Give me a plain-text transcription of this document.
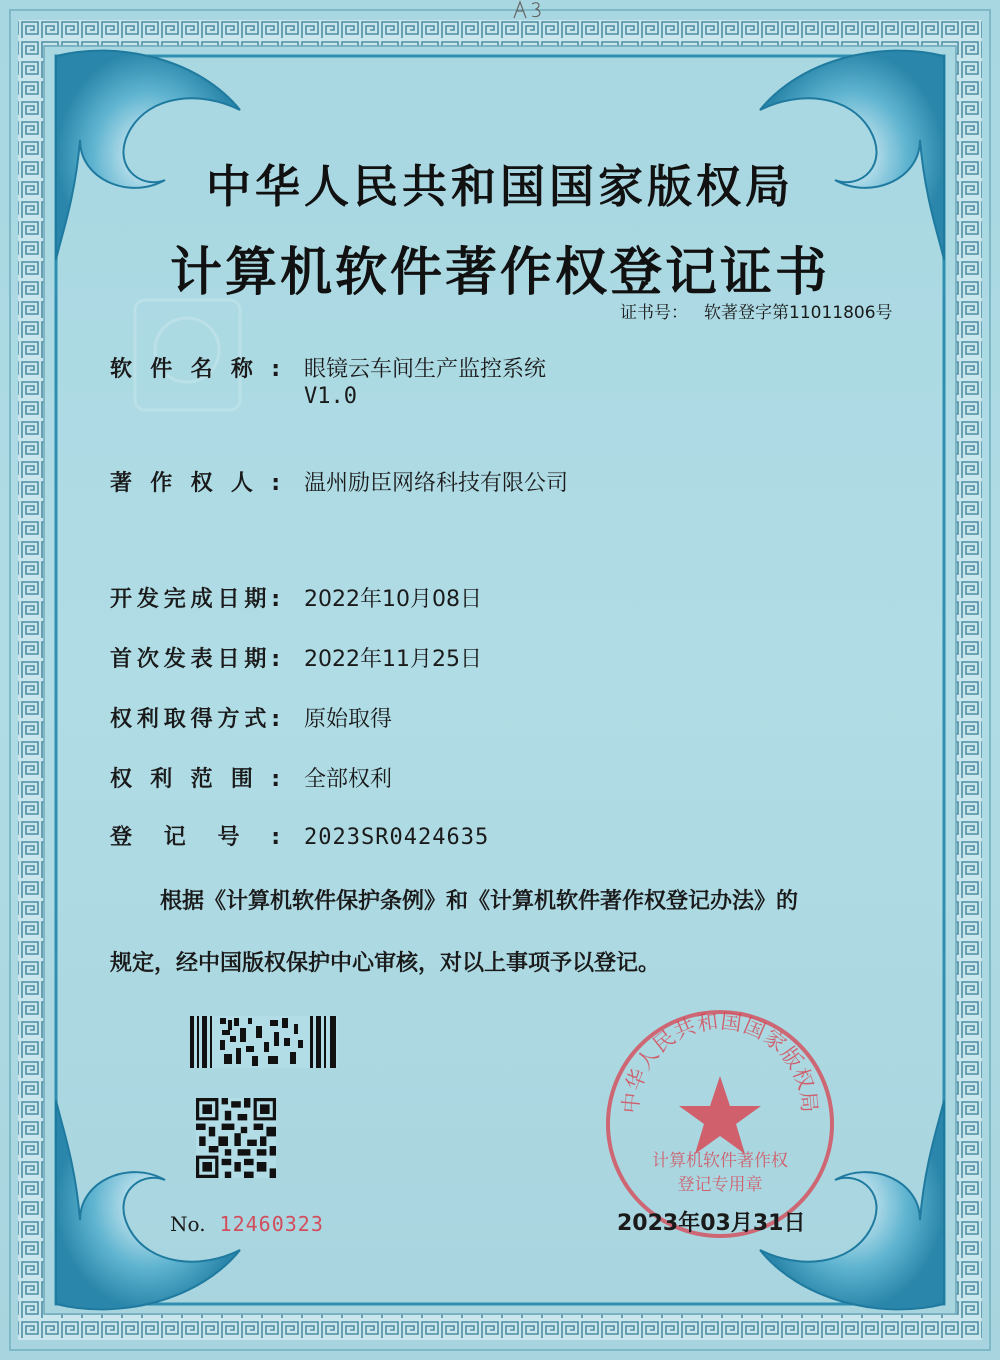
中华人民共和国国家版权局
计算机软件著作权登记证书
证书号： 软著登字第11011806号
软件名称: 眼镜云车间生产监控系统
V1.0
著作权人: 温州励臣网络科技有限公司
开发完成日期: 2022年10月08日
首次发表日期: 2022年11月25日
权利取得方式: 原始取得
权利范围: 全部权利
登记号: 2023SR0424635
根据《计算机软件保护条例》和《计算机软件著作权登记办法》的
规定，经中国版权保护中心审核，对以上事项予以登记。
No. 12460323
中华人民共和国国家版权局
计算机软件著作权
登记专用章
2023年03月31日
